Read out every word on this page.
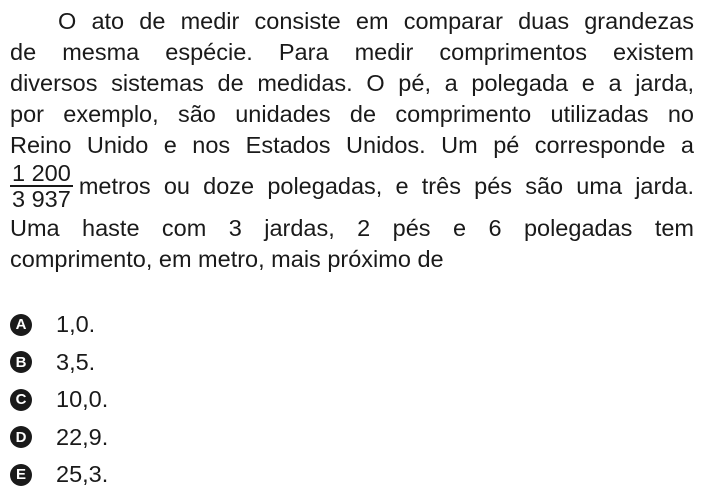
O ato de medir consiste em comparar duas grandezas
de mesma espécie. Para medir comprimentos existem
diversos sistemas de medidas. O pé, a polegada e a jarda,
por exemplo, são unidades de comprimento utilizadas no
Reino Unido e nos Estados Unidos. Um pé corresponde a
$\frac{1 200}{3 937}$ metros ou doze polegadas, e três pés são uma jarda.
Uma haste com 3 jardas, 2 pés e 6 polegadas tem
comprimento, em metro, mais próximo de
A 1,0.
B 3,5.
C 10,0.
D 22,9.
E 25,3.
